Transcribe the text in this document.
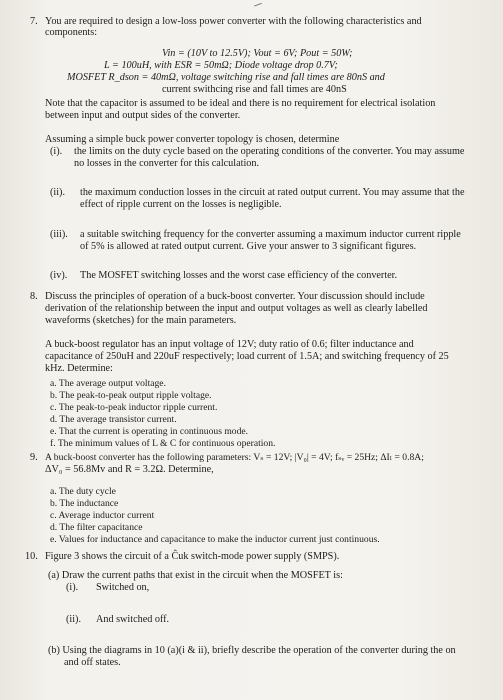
7. You are required to design a low-loss power converter with the following characteristics and
components:
Vin = (10V to 12.5V); Vout = 6V; Pout = 50W;
L = 100uH, with ESR = 50mΩ; Diode voltage drop 0.7V;
MOSFET R_dson = 40mΩ, voltage switching rise and fall times are 80nS and
current swithcing rise and fall times are 40nS
Note that the capacitor is assumed to be ideal and there is no requirement for electrical isolation
between input and output sides of the converter.
Assuming a simple buck power converter topology is chosen, determine
(i). the limits on the duty cycle based on the operating conditions of the converter. You may assume
no losses in the converter for this calculation.
(ii). the maximum conduction losses in the circuit at rated output current. You may assume that the
effect of ripple current on the losses is negligible.
(iii). a suitable switching frequency for the converter assuming a maximum inductor current ripple
of 5% is allowed at rated output current. Give your answer to 3 significant figures.
(iv). The MOSFET switching losses and the worst case efficiency of the converter.
8. Discuss the principles of operation of a buck-boost converter. Your discussion should include
derivation of the relationship between the input and output voltages as well as clearly labelled
waveforms (sketches) for the main parameters.
A buck-boost regulator has an input voltage of 12V; duty ratio of 0.6; filter inductance and
capacitance of 250uH and 220uF respectively; load current of 1.5A; and switching frequency of 25
kHz. Determine:
a. The average output voltage.
b. The peak-to-peak output ripple voltage.
c. The peak-to-peak inductor ripple current.
d. The average transistor current.
e. That the current is operating in continuous mode.
f. The minimum values of L & C for continuous operation.
9. A buck-boost converter has the following parameters: Vₛ = 12V; |V₀| = 4V; fₛᵥ = 25Hz; ΔIₗ = 0.8A;
ΔV₀ = 56.8Mv and R = 3.2Ω. Determine,
a. The duty cycle
b. The inductance
c. Average inductor current
d. The filter capacitance
e. Values for inductance and capacitance to make the inductor current just continuous.
10. Figure 3 shows the circuit of a Ĉuk switch-mode power supply (SMPS).
(a) Draw the current paths that exist in the circuit when the MOSFET is:
(i). Switched on,
(ii). And switched off.
(b) Using the diagrams in 10 (a)(i & ii), briefly describe the operation of the converter during the on
and off states.
